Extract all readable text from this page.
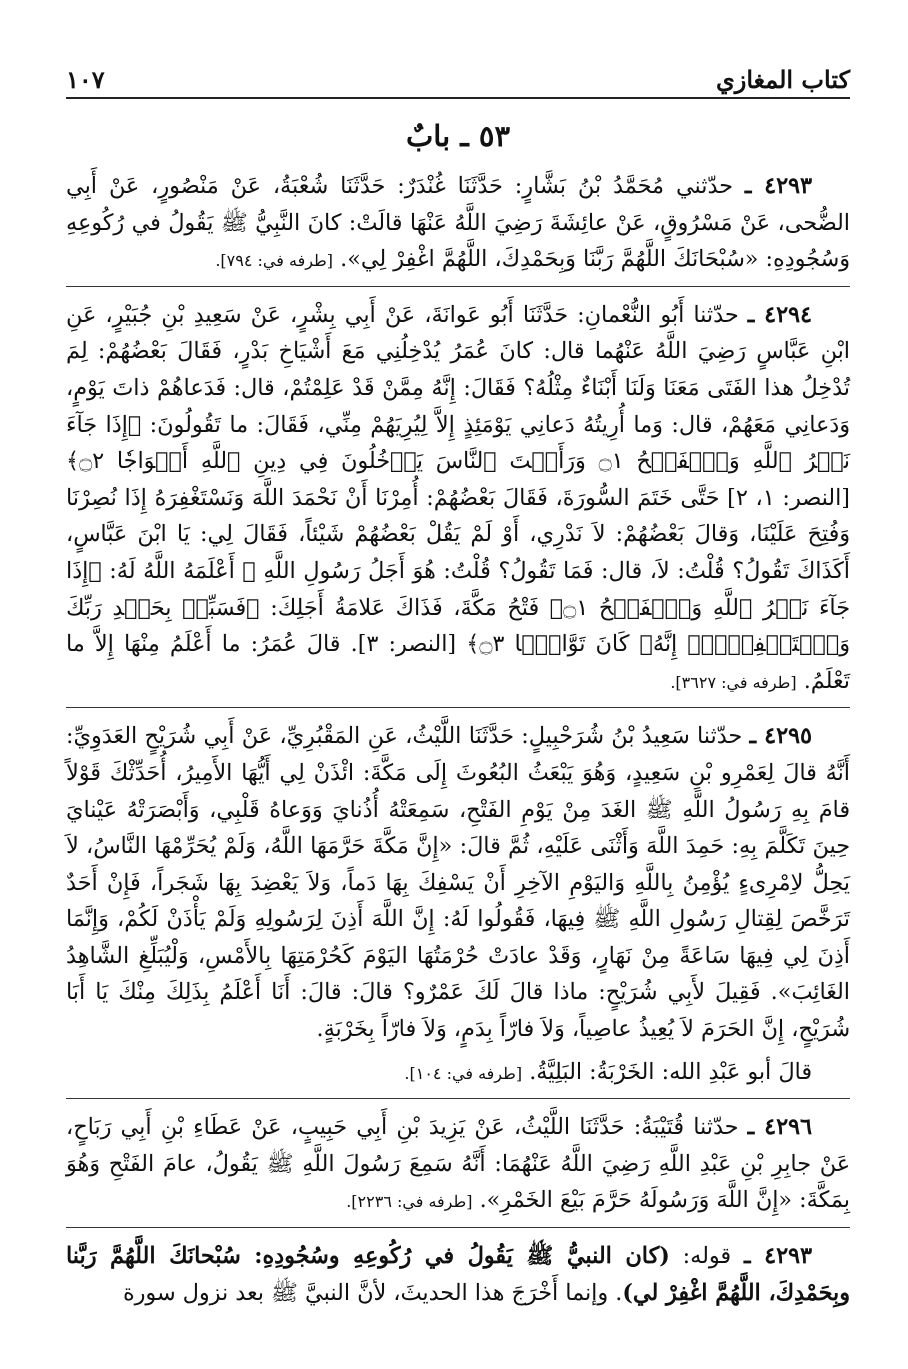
كتاب المغازي
١٠٧
٥٣ ـ بابٌ

٤٢٩٣ ـ حدّثني مُحَمَّدُ بْنُ بَشَّارٍ: حَدَّثَنَا غُنْدَرٌ: حَدَّثَنَا شُعْبَةُ، عَنْ مَنْصُورٍ، عَنْ أَبِي الضُّحى، عَنْ مَسْرُوقٍ، عَنْ عائِشَةَ رَضِيَ اللَّهُ عَنْهَا قالَتْ: كانَ النَّبِيُّ ﷺ يَقُولُ في رُكُوعِهِ وَسُجُودِهِ: «سُبْحَانَكَ اللَّهُمَّ رَبَّنَا وَبِحَمْدِكَ، اللَّهُمَّ اغْفِرْ لِي». [طرفه في: ٧٩٤].

٤٢٩٤ ـ حدّثنا أَبُو النُّعْمانِ: حَدَّثَنَا أَبُو عَوانَةَ، عَنْ أَبِي بِشْرٍ، عَنْ سَعِيدِ بْنِ جُبَيْرٍ، عَنِ ابْنِ عَبَّاسٍ رَضِيَ اللَّهُ عَنْهُما قال: كانَ عُمَرُ يُدْخِلُنِي مَعَ أَشْيَاخِ بَدْرٍ، فَقَالَ بَعْضُهُمْ: لِمَ تُدْخِلُ هذا الفَتَى مَعَنَا وَلَنَا أَبْنَاءٌ مِثْلُهُ؟ فَقَالَ: إِنَّهُ مِمَّنْ قَدْ عَلِمْتُمْ، قال: فَدَعاهُمْ ذاتَ يَوْمٍ، وَدَعانِي مَعَهُمْ، قال: وَما أُرِيتُهُ دَعانِي يَوْمَئِذٍ إِلاَّ لِيُرِيَهُمْ مِنِّي، فَقَالَ: ما تَقُولُونَ: ﴿إِذَا جَآءَ نَصۡرُ ٱللَّهِ وَٱلۡفَتۡحُ ۝١ وَرَأَيۡتَ ٱلنَّاسَ يَدۡخُلُونَ فِي دِينِ ٱللَّهِ أَفۡوَاجٗا ۝٢﴾ [النصر: ١، ٢] حَتَّى خَتَمَ السُّورَةَ، فَقَالَ بَعْضُهُمْ: أُمِرْنَا أَنْ نَحْمَدَ اللَّهَ وَنَسْتَغْفِرَهُ إِذَا نُصِرْنَا وَفُتِحَ عَلَيْنَا، وَقالَ بَعْضُهُمْ: لاَ نَدْرِي، أَوْ لَمْ يَقُلْ بَعْضُهُمْ شَيْئاً، فَقَالَ لِي: يَا ابْنَ عَبَّاسٍ، أَكَذَاكَ تَقُولُ؟ قُلْتُ: لاَ، قال: فَمَا تَقُولُ؟ قُلْتُ: هُوَ أَجَلُ رَسُولِ اللَّهِ ﷺ أَعْلَمَهُ اللَّهُ لَهُ: ﴿إِذَا جَآءَ نَصۡرُ ٱللَّهِ وَٱلۡفَتۡحُ ۝١﴾ فَتْحُ مَكَّةَ، فَذَاكَ عَلامَةُ أَجَلِكَ: ﴿فَسَبِّحۡ بِحَمۡدِ رَبِّكَ وَٱسۡتَغۡفِرۡهُۚ إِنَّهُۥ كَانَ تَوَّابَۢا ۝٣﴾ [النصر: ٣]. قالَ عُمَرُ: ما أَعْلَمُ مِنْهَا إِلاَّ ما تَعْلَمُ. [طرفه في: ٣٦٢٧].

٤٢٩٥ ـ حدّثنا سَعِيدُ بْنُ شُرَحْبِيلٍ: حَدَّثَنَا اللَّيْثُ، عَنِ المَقْبُرِيِّ، عَنْ أَبِي شُرَيْحٍ العَدَوِيِّ: أَنَّهُ قالَ لِعَمْرِو بْنِ سَعِيدٍ، وَهُوَ يَبْعَثُ البُعُوثَ إِلَى مَكَّةَ: ائْذَنْ لِي أَيُّهَا الأَمِيرُ، أُحَدِّثْكَ قَوْلاً قامَ بِهِ رَسُولُ اللَّهِ ﷺ الغَدَ مِنْ يَوْمِ الفَتْحِ، سَمِعَتْهُ أُذُنايَ وَوَعاهُ قَلْبِي، وَأَبْصَرَتْهُ عَيْنايَ حِينَ تَكَلَّمَ بِهِ: حَمِدَ اللَّهَ وَأَثْنَى عَلَيْهِ، ثُمَّ قالَ: «إِنَّ مَكَّةَ حَرَّمَهَا اللَّهُ، وَلَمْ يُحَرِّمْهَا النَّاسُ، لاَ يَحِلُّ لاِمْرِىءٍ يُؤْمِنُ بِاللَّهِ وَاليَوْمِ الآخِرِ أَنْ يَسْفِكَ بِهَا دَماً، وَلاَ يَعْضِدَ بِهَا شَجَراً، فَإِنْ أَحَدٌ تَرَخَّصَ لِقِتالِ رَسُولِ اللَّهِ ﷺ فِيهَا، فَقُولُوا لَهُ: إِنَّ اللَّهَ أَذِنَ لِرَسُولِهِ وَلَمْ يَأْذَنْ لَكُمْ، وَإِنَّمَا أَذِنَ لِي فِيهَا سَاعَةً مِنْ نَهَارٍ، وَقَدْ عادَتْ حُرْمَتُهَا اليَوْمَ كَحُرْمَتِهَا بِالأَمْسِ، وَلْيُبَلِّغِ الشَّاهِدُ الغَائِبَ». فَقِيلَ لأَبِي شُرَيْحٍ: ماذا قالَ لَكَ عَمْرٌو؟ قالَ: قالَ: أَنَا أَعْلَمُ بِذَلِكَ مِنْكَ يَا أَبَا شُرَيْحٍ، إِنَّ الحَرَمَ لاَ يُعِيذُ عاصِياً، وَلاَ فارّاً بِدَمٍ، وَلاَ فارّاً بِخَرْبَةٍ.

قالَ أبو عَبْدِ الله: الخَرْبَةُ: البَلِيَّةُ. [طرفه في: ١٠٤].

٤٢٩٦ ـ حدّثنا قُتَيْبَةُ: حَدَّثَنَا اللَّيْثُ، عَنْ يَزِيدَ بْنِ أَبِي حَبِيبٍ، عَنْ عَطَاءِ بْنِ أَبِي رَبَاحٍ، عَنْ جابِرِ بْنِ عَبْدِ اللَّهِ رَضِيَ اللَّهُ عَنْهُمَا: أَنَّهُ سَمِعَ رَسُولَ اللَّهِ ﷺ يَقُولُ، عامَ الفَتْحِ وَهُوَ بِمَكَّةَ: «إِنَّ اللَّهَ وَرَسُولَهُ حَرَّمَ بَيْعَ الخَمْرِ». [طرفه في: ٢٢٣٦].

٤٢٩٣ ـ قوله: (كان النبيُّ ﷺ يَقُولُ في رُكُوعِهِ وسُجُودِهِ: سُبْحانَكَ اللَّهُمَّ رَبَّنا وبِحَمْدِكَ، اللَّهُمَّ اغْفِرْ لي). وإنما أَخْرَجَ هذا الحديثَ، لأنَّ النبيَّ ﷺ بعد نزول سورة
